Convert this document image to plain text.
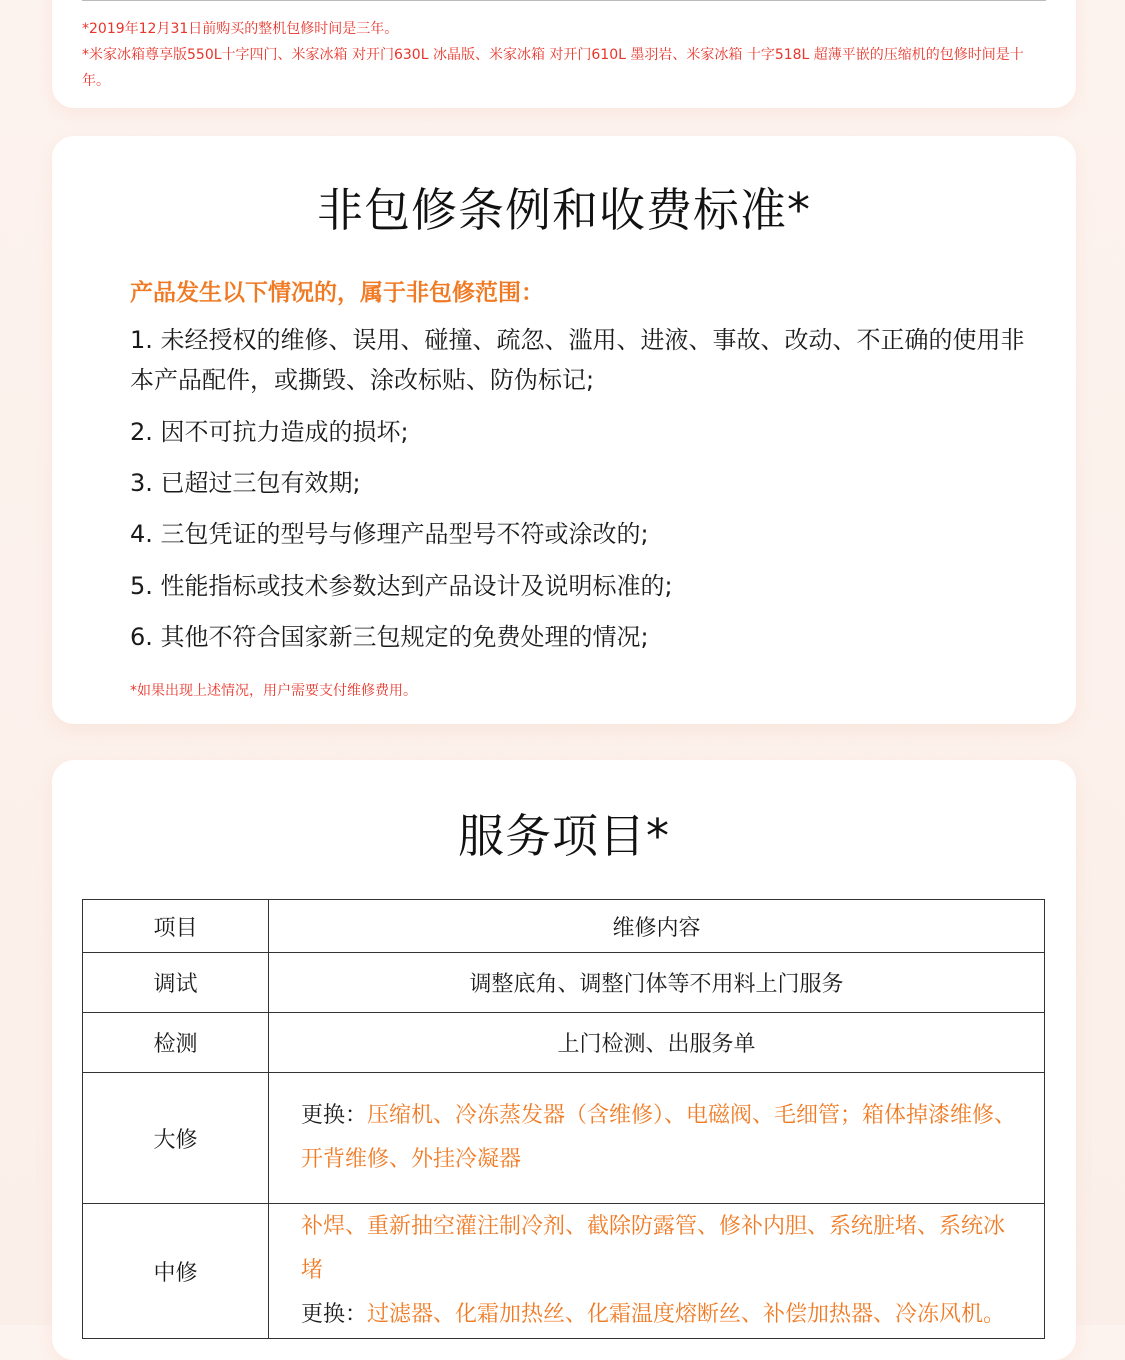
*2019年12月31日前购买的整机包修时间是三年。
*米家冰箱尊享版550L十字四门、米家冰箱 对开门630L 冰晶版、米家冰箱 对开门610L 墨羽岩、米家冰箱 十字518L 超薄平嵌的压缩机的包修时间是十年。
非包修条例和收费标准*
产品发生以下情况的，属于非包修范围：
1. 未经授权的维修、误用、碰撞、疏忽、滥用、进液、事故、改动、不正确的使用非本产品配件，或撕毁、涂改标贴、防伪标记;
2. 因不可抗力造成的损坏;
3. 已超过三包有效期;
4. 三包凭证的型号与修理产品型号不符或涂改的;
5. 性能指标或技术参数达到产品设计及说明标准的;
6. 其他不符合国家新三包规定的免费处理的情况;
*如果出现上述情况，用户需要支付维修费用。
服务项目*
项目	维修内容
调试	调整底角、调整门体等不用料上门服务
检测	上门检测、出服务单
大修	更换：压缩机、冷冻蒸发器（含维修）、电磁阀、毛细管；箱体掉漆维修、开背维修、外挂冷凝器
中修	补焊、重新抽空灌注制冷剂、截除防露管、修补内胆、系统脏堵、系统冰堵
更换：过滤器、化霜加热丝、化霜温度熔断丝、补偿加热器、冷冻风机。
